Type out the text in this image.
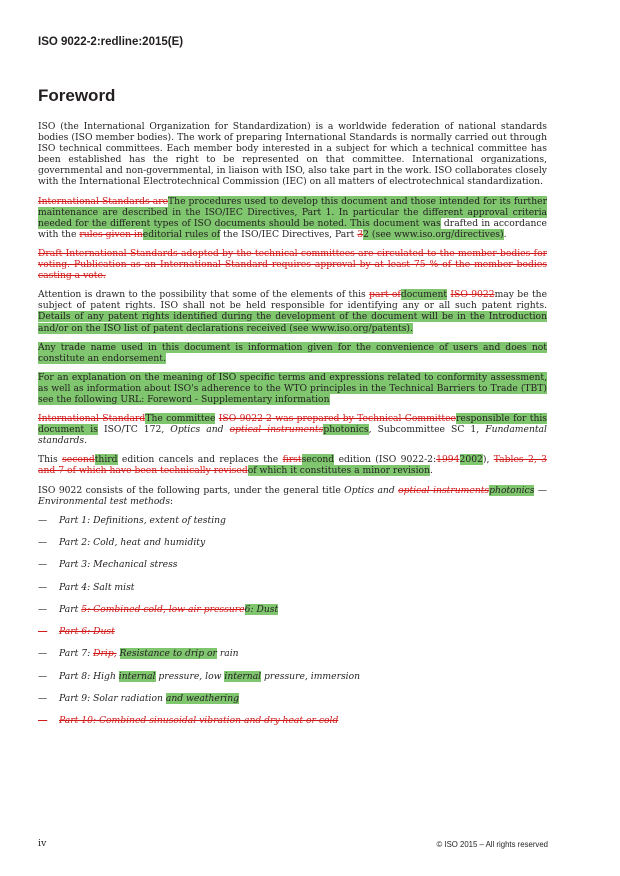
ISO 9022-2:redline:2015(E)
Foreword

ISO (the International Organization for Standardization) is a worldwide federation of national standards bodies (ISO member bodies). The work of preparing International Standards is normally carried out through ISO technical committees. Each member body interested in a subject for which a technical committee has been established has the right to be represented on that committee. International organizations, governmental and non-governmental, in liaison with ISO, also take part in the work. ISO collaborates closely with the International Electrotechnical Commission (IEC) on all matters of electrotechnical standardization.

International Standards areThe procedures used to develop this document and those intended for its further maintenance are described in the ISO/IEC Directives, Part 1. In particular the different approval criteria needed for the different types of ISO documents should be noted. This document was drafted in accordance with the rules given ineditorial rules of the ISO/IEC Directives, Part 32 (see www.iso.org/directives).

Draft International Standards adopted by the technical committees are circulated to the member bodies for voting. Publication as an International Standard requires approval by at least 75 % of the member bodies casting a vote.

Attention is drawn to the possibility that some of the elements of this part ofdocument ISO 9022may be the subject of patent rights. ISO shall not be held responsible for identifying any or all such patent rights. Details of any patent rights identified during the development of the document will be in the Introduction and/or on the ISO list of patent declarations received (see www.iso.org/patents).

Any trade name used in this document is information given for the convenience of users and does not constitute an endorsement.

For an explanation on the meaning of ISO specific terms and expressions related to conformity assessment, as well as information about ISO's adherence to the WTO principles in the Technical Barriers to Trade (TBT) see the following URL: Foreword - Supplementary information

International StandardThe committee ISO 9022-2 was prepared by Technical Committeeresponsible for this document is ISO/TC 172, Optics and optical instrumentsphotonics, Subcommittee SC 1, Fundamental standards.

This secondthird edition cancels and replaces the firstsecond edition (ISO 9022-2:19942002), Tables 2, 3 and 7 of which have been technically revisedof which it constitutes a minor revision.

ISO 9022 consists of the following parts, under the general title Optics and optical instrumentsphotonics — Environmental test methods:

—	Part 1: Definitions, extent of testing
—	Part 2: Cold, heat and humidity
—	Part 3: Mechanical stress
—	Part 4: Salt mist
—	Part 5: Combined cold, low air pressure6: Dust
—	Part 6: Dust
—	Part 7: Drip, Resistance to drip or rain
—	Part 8: High internal pressure, low internal pressure, immersion
—	Part 9: Solar radiation and weathering
—	Part 10: Combined sinusoidal vibration and dry heat or cold
iv	© ISO 2015 – All rights reserved
